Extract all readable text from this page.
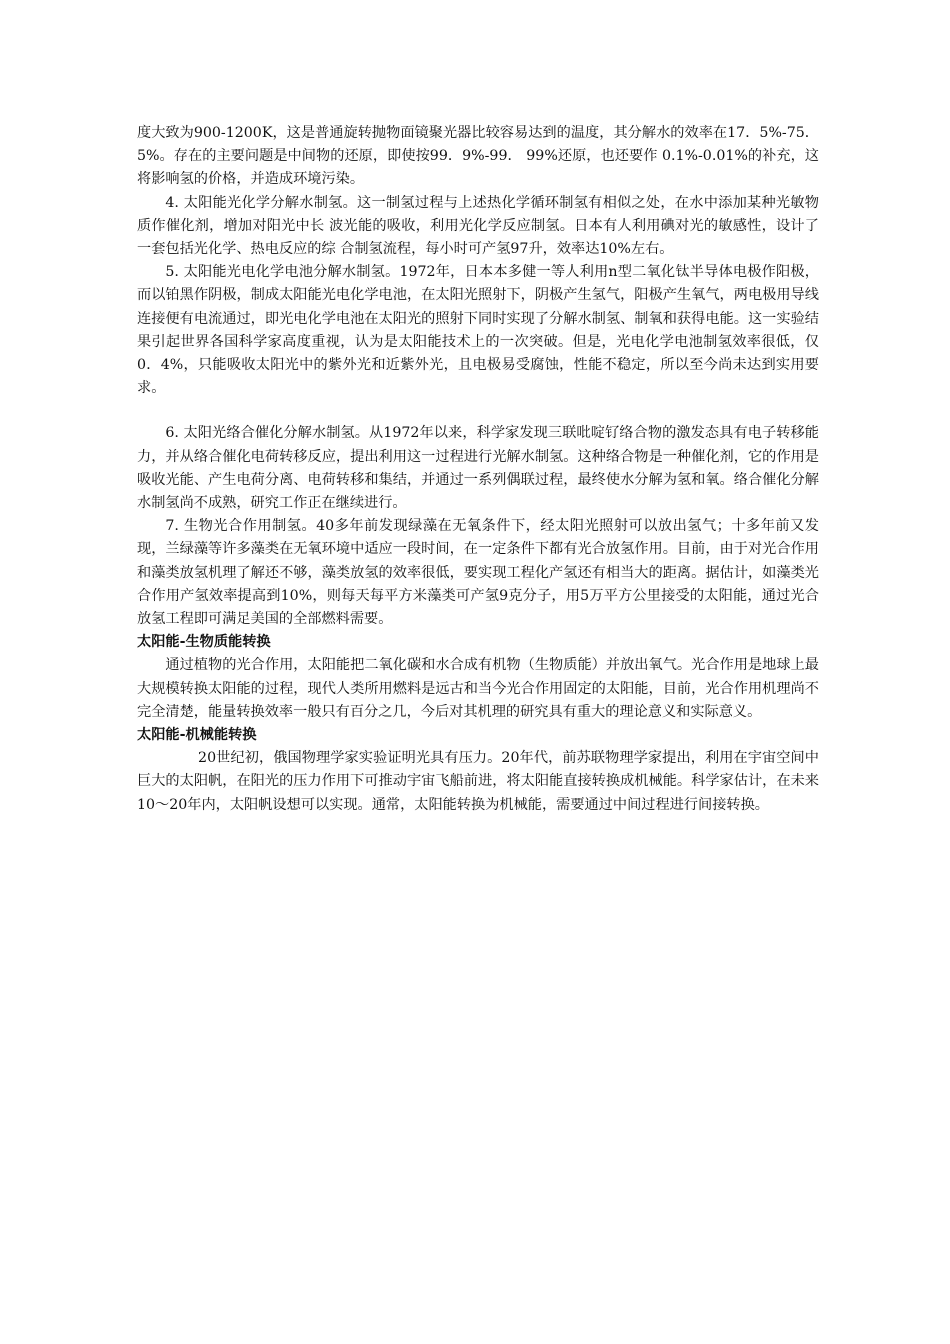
度大致为900-1200K，这是普通旋转抛物面镜聚光器比较容易达到的温度，其分解水的效率在17．5%-75．5%。存在的主要问题是中间物的还原，即使按99．9%-99． 99%还原，也还要作 0.1%-0.01%的补充，这将影响氢的价格，并造成环境污染。

4. 太阳能光化学分解水制氢。这一制氢过程与上述热化学循环制氢有相似之处，在水中添加某种光敏物质作催化剂，增加对阳光中长 波光能的吸收，利用光化学反应制氢。日本有人利用碘对光的敏感性，设计了一套包括光化学、热电反应的综 合制氢流程，每小时可产氢97升，效率达10%左右。

5. 太阳能光电化学电池分解水制氢。1972年，日本本多健一等人利用n型二氧化钛半导体电极作阳极，而以铂黑作阴极，制成太阳能光电化学电池，在太阳光照射下，阴极产生氢气，阳极产生氧气，两电极用导线连接便有电流通过，即光电化学电池在太阳光的照射下同时实现了分解水制氢、制氧和获得电能。这一实验结果引起世界各国科学家高度重视，认为是太阳能技术上的一次突破。但是，光电化学电池制氢效率很低，仅0．4%，只能吸收太阳光中的紫外光和近紫外光，且电极易受腐蚀，性能不稳定，所以至今尚未达到实用要求。

6. 太阳光络合催化分解水制氢。从1972年以来，科学家发现三联吡啶钌络合物的激发态具有电子转移能力，并从络合催化电荷转移反应，提出利用这一过程进行光解水制氢。这种络合物是一种催化剂，它的作用是吸收光能、产生电荷分离、电荷转移和集结，并通过一系列偶联过程，最终使水分解为氢和氧。络合催化分解水制氢尚不成熟，研究工作正在继续进行。

7. 生物光合作用制氢。40多年前发现绿藻在无氧条件下，经太阳光照射可以放出氢气；十多年前又发现，兰绿藻等许多藻类在无氧环境中适应一段时间，在一定条件下都有光合放氢作用。目前，由于对光合作用和藻类放氢机理了解还不够，藻类放氢的效率很低，要实现工程化产氢还有相当大的距离。据估计，如藻类光合作用产氢效率提高到10%，则每天每平方米藻类可产氢9克分子，用5万平方公里接受的太阳能，通过光合放氢工程即可满足美国的全部燃料需要。

太阳能-生物质能转换

通过植物的光合作用，太阳能把二氧化碳和水合成有机物（生物质能）并放出氧气。光合作用是地球上最大规模转换太阳能的过程，现代人类所用燃料是远古和当今光合作用固定的太阳能，目前，光合作用机理尚不完全清楚，能量转换效率一般只有百分之几，今后对其机理的研究具有重大的理论意义和实际意义。

太阳能-机械能转换

20世纪初，俄国物理学家实验证明光具有压力。20年代，前苏联物理学家提出，利用在宇宙空间中巨大的太阳帆，在阳光的压力作用下可推动宇宙飞船前进，将太阳能直接转换成机械能。科学家估计，在未来10～20年内，太阳帆设想可以实现。通常，太阳能转换为机械能，需要通过中间过程进行间接转换。
